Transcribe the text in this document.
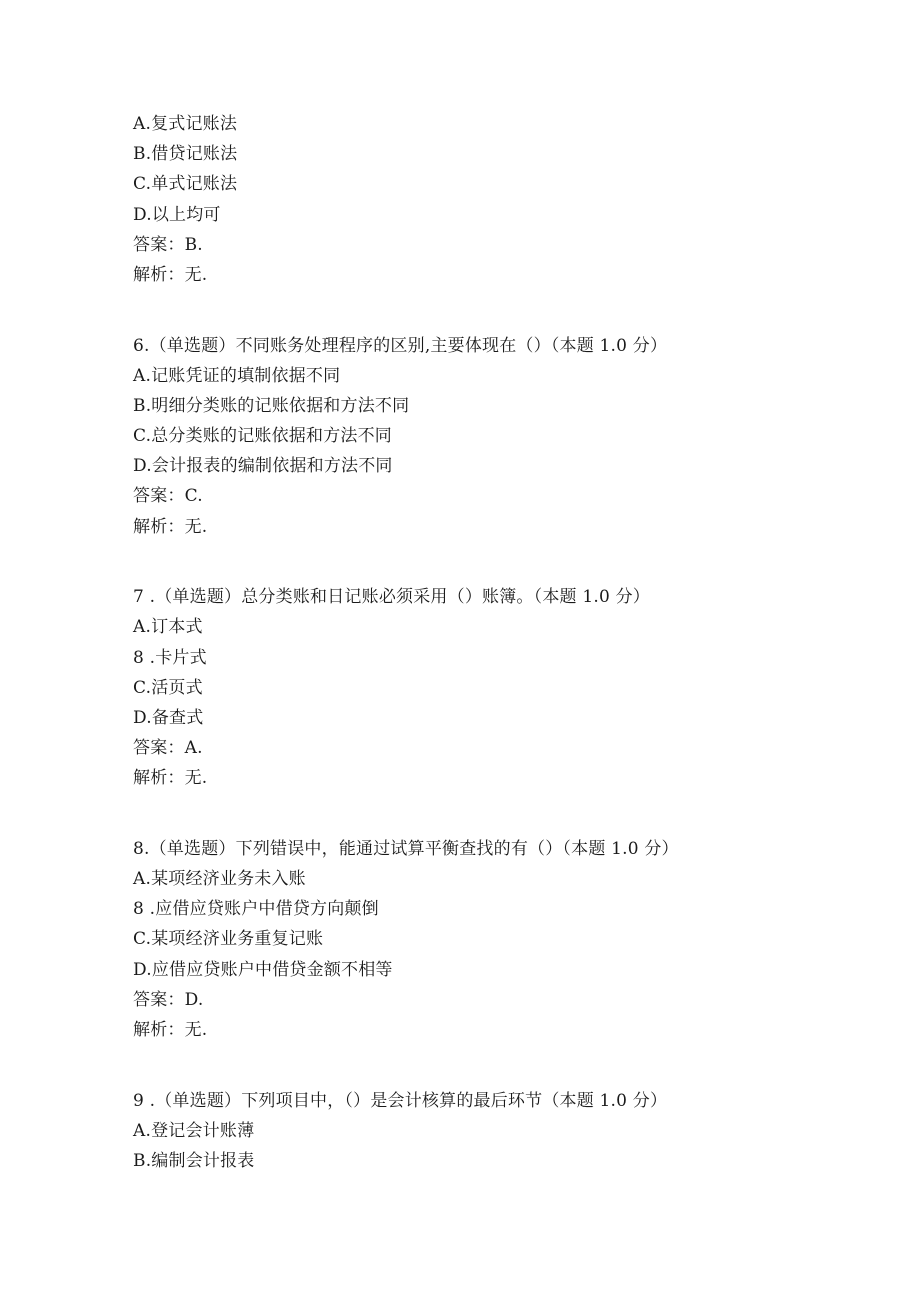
A.复式记账法
B.借贷记账法
C.单式记账法
D.以上均可
答案：B.
解析：无.
6.（单选题）不同账务处理程序的区别,主要体现在（）（本题 1.0 分）
A.记账凭证的填制依据不同
B.明细分类账的记账依据和方法不同
C.总分类账的记账依据和方法不同
D.会计报表的编制依据和方法不同
答案：C.
解析：无.
7 .（单选题）总分类账和日记账必须采用（）账簿。（本题 1.0 分）
A.订本式
8 .卡片式
C.活页式
D.备查式
答案：A.
解析：无.
8.（单选题）下列错误中，能通过试算平衡查找的有（）（本题 1.0 分）
A.某项经济业务未入账
8 .应借应贷账户中借贷方向颠倒
C.某项经济业务重复记账
D.应借应贷账户中借贷金额不相等
答案：D.
解析：无.
9 .（单选题）下列项目中，（）是会计核算的最后环节（本题 1.0 分）
A.登记会计账薄
B.编制会计报表
